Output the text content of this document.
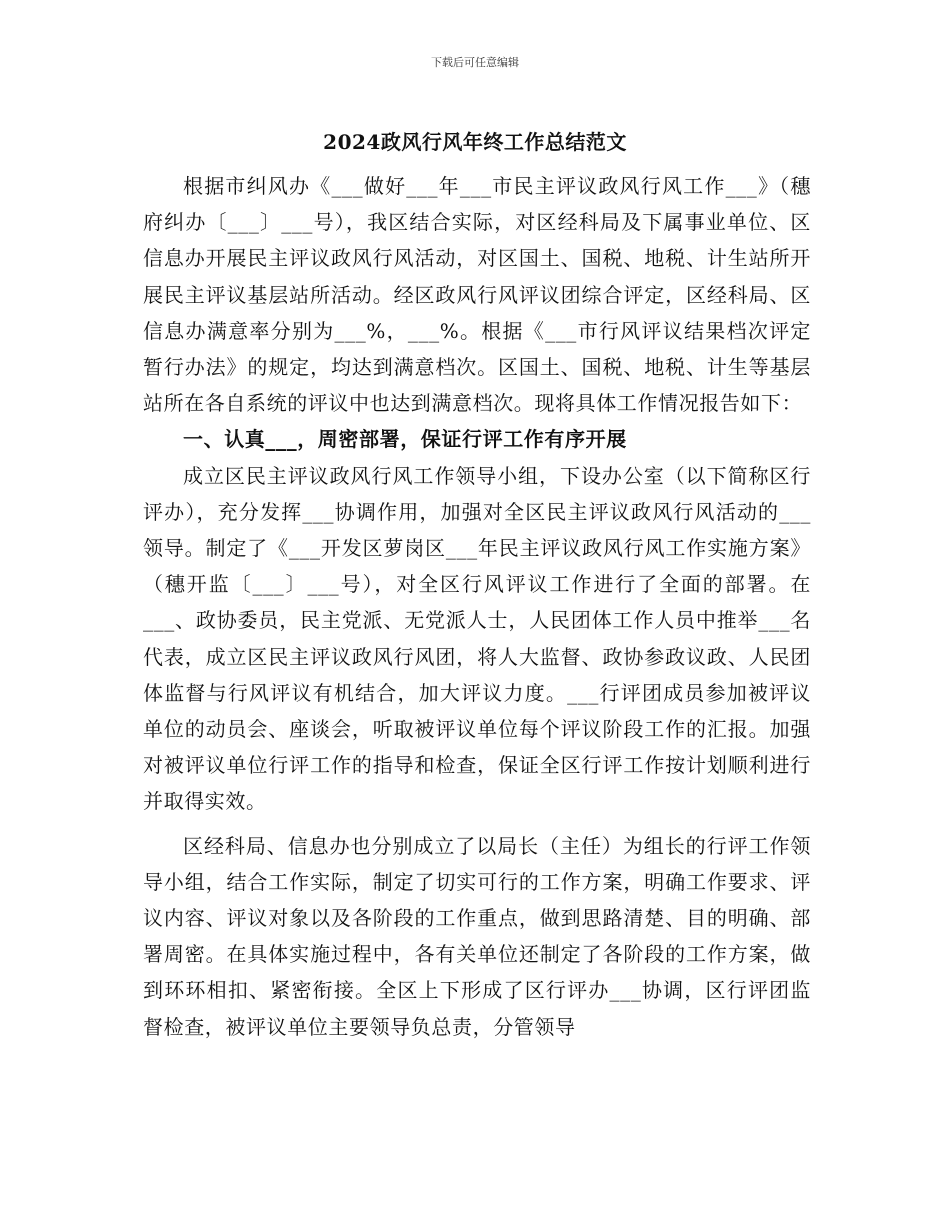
下载后可任意编辑
2024政风行风年终工作总结范文

根据市纠风办《___做好___年___市民主评议政风行风工作___》（穗府纠办〔___〕___号），我区结合实际，对区经科局及下属事业单位、区信息办开展民主评议政风行风活动，对区国土、国税、地税、计生站所开展民主评议基层站所活动。经区政风行风评议团综合评定，区经科局、区信息办满意率分别为___%，___%。根据《___市行风评议结果档次评定暂行办法》的规定，均达到满意档次。区国土、国税、地税、计生等基层站所在各自系统的评议中也达到满意档次。现将具体工作情况报告如下：

一、认真___，周密部署，保证行评工作有序开展

成立区民主评议政风行风工作领导小组，下设办公室（以下简称区行评办），充分发挥___协调作用，加强对全区民主评议政风行风活动的___领导。制定了《___开发区萝岗区___年民主评议政风行风工作实施方案》（穗开监〔___〕___号），对全区行风评议工作进行了全面的部署。在___、政协委员，民主党派、无党派人士，人民团体工作人员中推举___名代表，成立区民主评议政风行风团，将人大监督、政协参政议政、人民团体监督与行风评议有机结合，加大评议力度。___行评团成员参加被评议单位的动员会、座谈会，听取被评议单位每个评议阶段工作的汇报。加强对被评议单位行评工作的指导和检查，保证全区行评工作按计划顺利进行并取得实效。

区经科局、信息办也分别成立了以局长（主任）为组长的行评工作领导小组，结合工作实际，制定了切实可行的工作方案，明确工作要求、评议内容、评议对象以及各阶段的工作重点，做到思路清楚、目的明确、部署周密。在具体实施过程中，各有关单位还制定了各阶段的工作方案，做到环环相扣、紧密衔接。全区上下形成了区行评办___协调，区行评团监督检查，被评议单位主要领导负总责，分管领导
